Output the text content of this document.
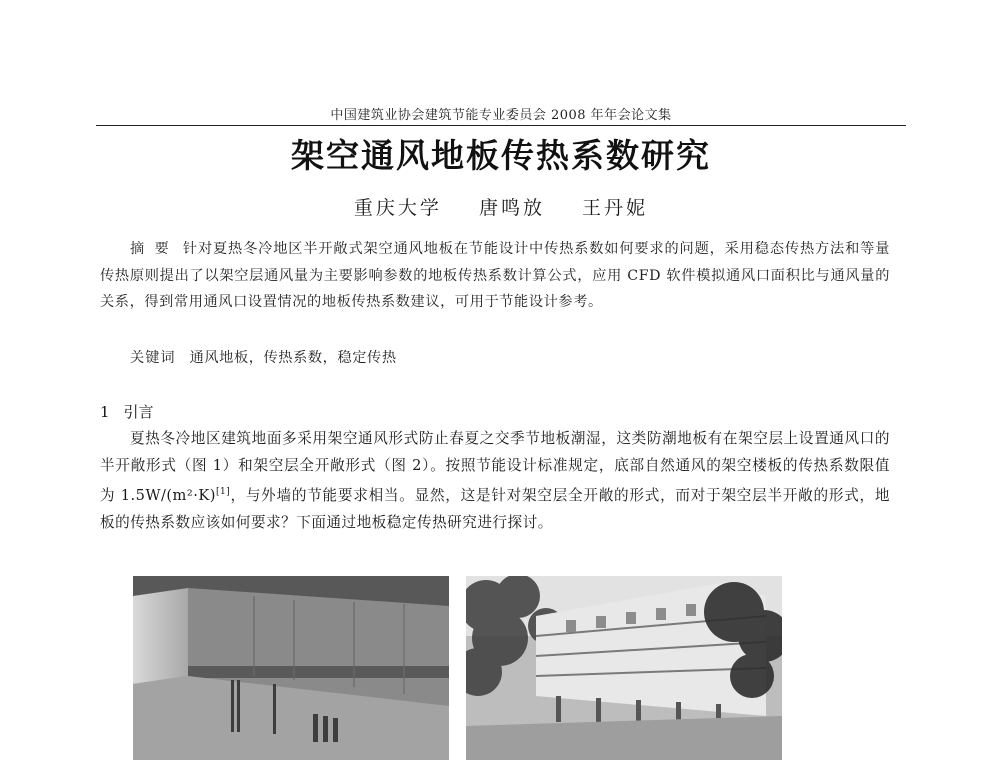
中国建筑业协会建筑节能专业委员会 2008 年年会论文集
架空通风地板传热系数研究
重庆大学 唐鸣放 王丹妮

摘要 针对夏热冬冷地区半开敞式架空通风地板在节能设计中传热系数如何要求的问题，采用稳态传热方法和等量传热原则提出了以架空层通风量为主要影响参数的地板传热系数计算公式，应用 CFD 软件模拟通风口面积比与通风量的关系，得到常用通风口设置情况的地板传热系数建议，可用于节能设计参考。

关键词 通风地板，传热系数，稳定传热
1 引言

夏热冬冷地区建筑地面多采用架空通风形式防止春夏之交季节地板潮湿，这类防潮地板有在架空层上设置通风口的半开敞形式（图 1）和架空层全开敞形式（图 2）。按照节能设计标准规定，底部自然通风的架空楼板的传热系数限值为 1.5W/(m²·K)[1]，与外墙的节能要求相当。显然，这是针对架空层全开敞的形式，而对于架空层半开敞的形式，地板的传热系数应该如何要求？下面通过地板稳定传热研究进行探讨。
